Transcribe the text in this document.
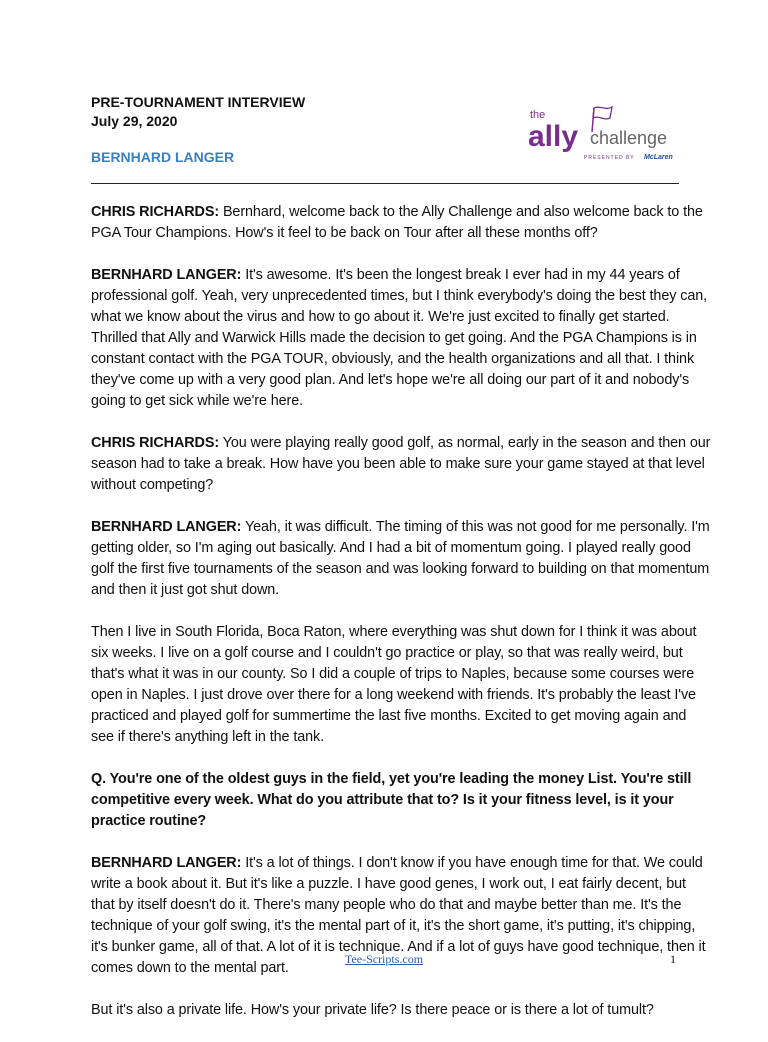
PRE-TOURNAMENT INTERVIEW
July 29, 2020
BERNHARD LANGER
the
ally challenge
PRESENTED BY McLaren

CHRIS RICHARDS: Bernhard, welcome back to the Ally Challenge and also welcome back to the PGA Tour Champions. How's it feel to be back on Tour after all these months off?

BERNHARD LANGER: It's awesome. It's been the longest break I ever had in my 44 years of professional golf. Yeah, very unprecedented times, but I think everybody's doing the best they can, what we know about the virus and how to go about it. We're just excited to finally get started. Thrilled that Ally and Warwick Hills made the decision to get going. And the PGA Champions is in constant contact with the PGA TOUR, obviously, and the health organizations and all that. I think they've come up with a very good plan. And let's hope we're all doing our part of it and nobody's going to get sick while we're here.

CHRIS RICHARDS: You were playing really good golf, as normal, early in the season and then our season had to take a break. How have you been able to make sure your game stayed at that level without competing?

BERNHARD LANGER: Yeah, it was difficult. The timing of this was not good for me personally. I'm getting older, so I'm aging out basically. And I had a bit of momentum going. I played really good golf the first five tournaments of the season and was looking forward to building on that momentum and then it just got shut down.

Then I live in South Florida, Boca Raton, where everything was shut down for I think it was about six weeks. I live on a golf course and I couldn't go practice or play, so that was really weird, but that's what it was in our county. So I did a couple of trips to Naples, because some courses were open in Naples. I just drove over there for a long weekend with friends. It's probably the least I've practiced and played golf for summertime the last five months. Excited to get moving again and see if there's anything left in the tank.

Q. You're one of the oldest guys in the field, yet you're leading the money List. You're still competitive every week. What do you attribute that to? Is it your fitness level, is it your practice routine?

BERNHARD LANGER: It's a lot of things. I don't know if you have enough time for that. We could write a book about it. But it's like a puzzle. I have good genes, I work out, I eat fairly decent, but that by itself doesn't do it. There's many people who do that and maybe better than me. It's the technique of your golf swing, it's the mental part of it, it's the short game, it's putting, it's chipping, it's bunker game, all of that. A lot of it is technique. And if a lot of guys have good technique, then it comes down to the mental part.

But it's also a private life. How's your private life? Is there peace or is there a lot of tumult?

Tee-Scripts.com	1
